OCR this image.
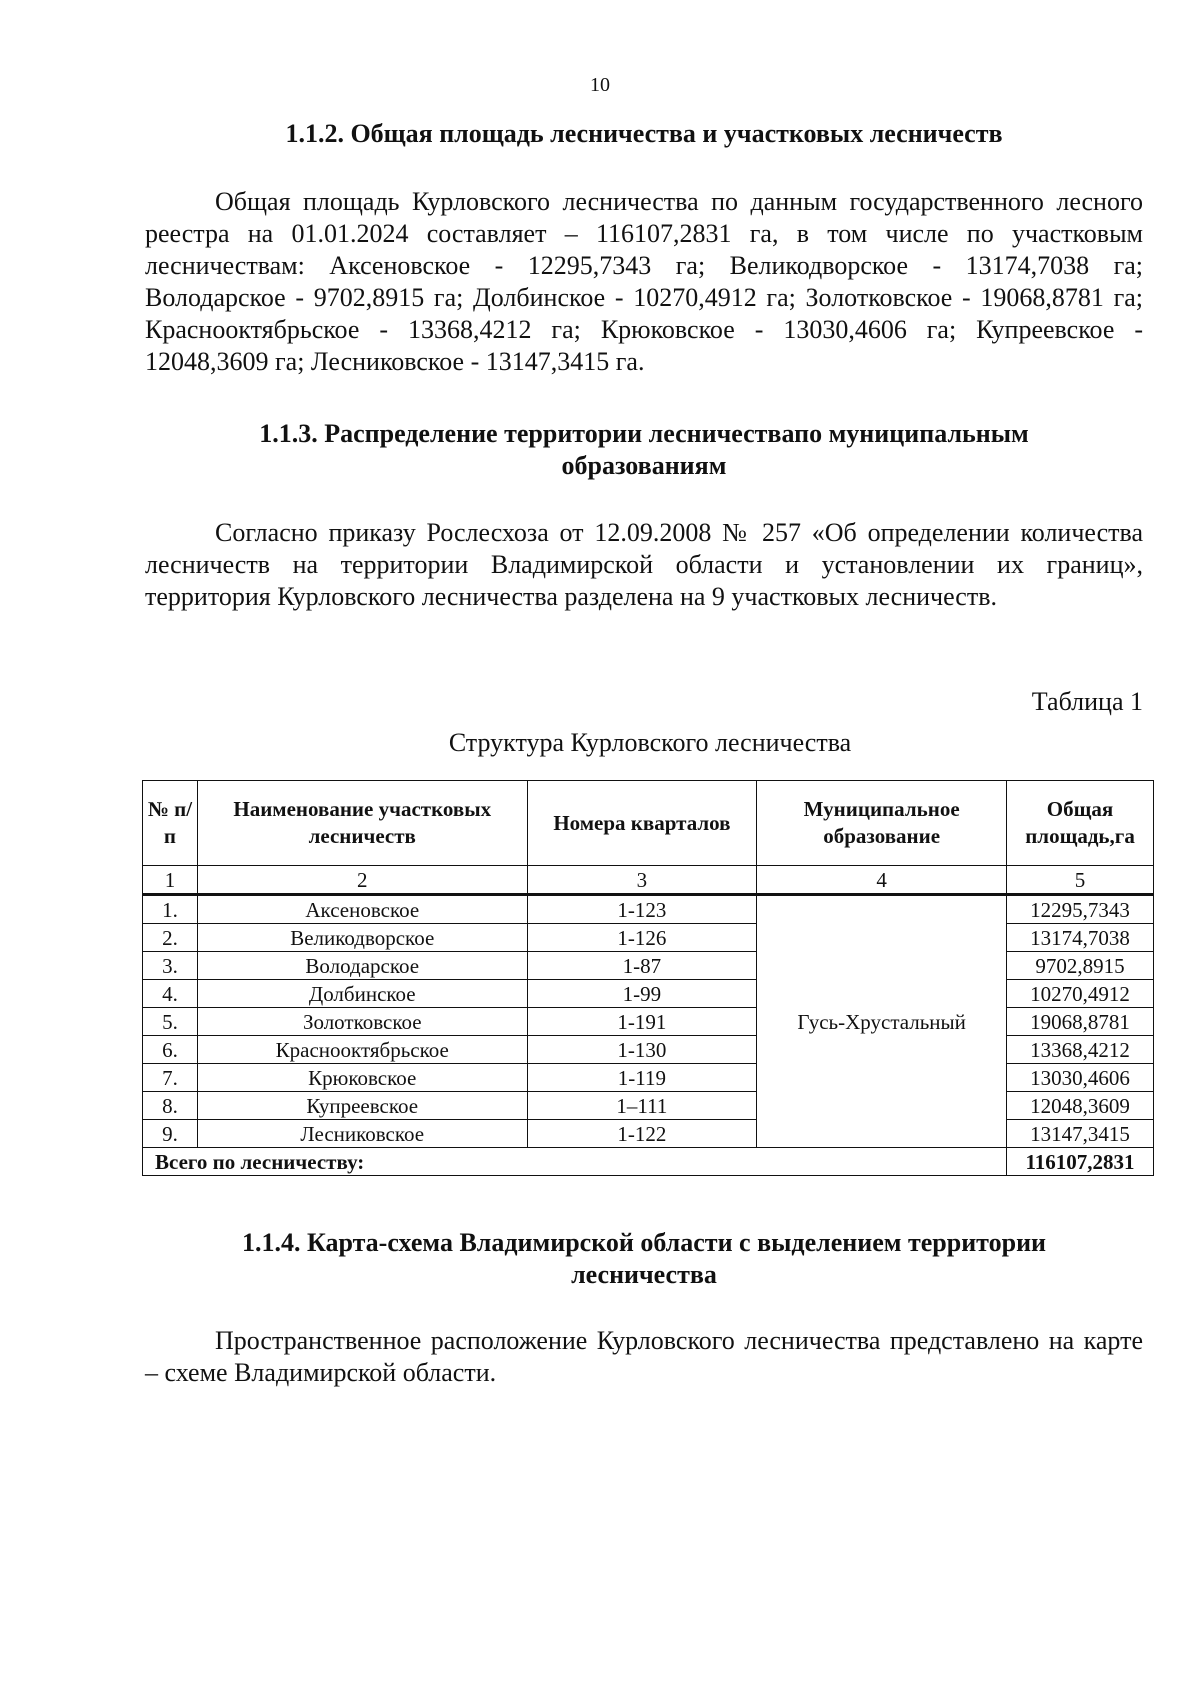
10
1.1.2. Общая площадь лесничества и участковых лесничеств

Общая площадь Курловского лесничества по данным государственного лесного реестра на 01.01.2024 составляет – 116107,2831 га, в том числе по участковым лесничествам: Аксеновское - 12295,7343 га; Великодворское - 13174,7038 га; Володарское - 9702,8915 га; Долбинское - 10270,4912 га; Золотковское - 19068,8781 га; Краснооктябрьское - 13368,4212 га; Крюковское - 13030,4606 га; Купреевское - 12048,3609 га; Лесниковское - 13147,3415 га.

1.1.3. Распределение территории лесничествапо муниципальным
образованиям

Согласно приказу Рослесхоза от 12.09.2008 № 257 «Об определении количества лесничеств на территории Владимирской области и установлении их границ», территория Курловского лесничества разделена на 9 участковых лесничеств.

Таблица 1
Структура Курловского лесничества
№ п/п	Наименование участковых лесничеств	Номера кварталов	Муниципальное образование	Общая площадь,га
1	2	3	4	5
1.	Аксеновское	1-123	Гусь-Хрустальный	12295,7343
2.	Великодворское	1-126		13174,7038
3.	Володарское	1-87		9702,8915
4.	Долбинское	1-99		10270,4912
5.	Золотковское	1-191		19068,8781
6.	Краснооктябрьское	1-130		13368,4212
7.	Крюковское	1-119		13030,4606
8.	Купреевское	1–111		12048,3609
9.	Лесниковское	1-122		13147,3415
Всего по лесничеству:				116107,2831
1.1.4. Карта-схема Владимирской области с выделением территории
лесничества

Пространственное расположение Курловского лесничества представлено на карте – схеме Владимирской области.
